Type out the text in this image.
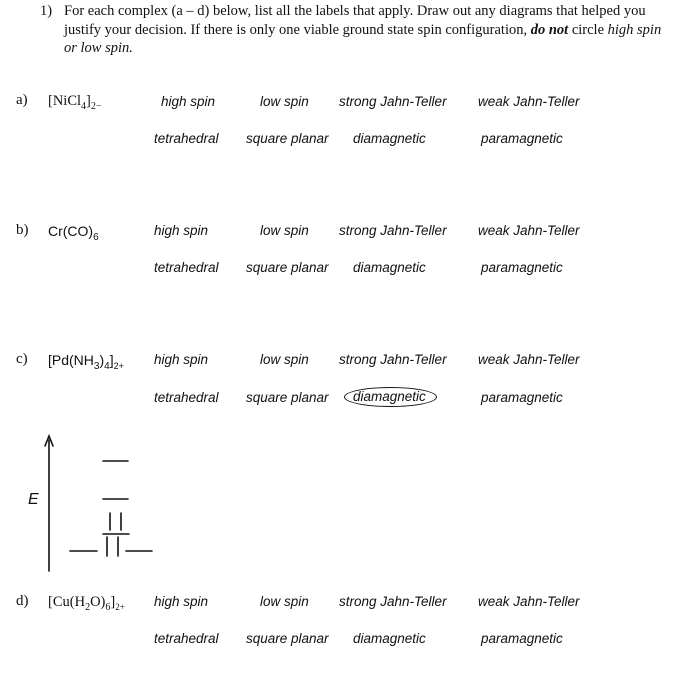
1) For each complex (a – d) below, list all the labels that apply. Draw out any diagrams that helped you justify your decision. If there is only one viable ground state spin configuration, do not circle high spin or low spin.
a) $[NiCl_4]_{2-}$	high spin	low spin strong Jahn-Teller weak Jahn-Teller
tetrahedral square planar diamagnetic	paramagnetic
b) $Cr(CO)_6$	high spin	low spin strong Jahn-Teller weak Jahn-Teller
tetrahedral square planar diamagnetic	paramagnetic
c) $[Pd(NH_3)_4]_{2+}$ high spin	low spin strong Jahn-Teller weak Jahn-Teller
tetrahedral square planar	diamagnetic	paramagnetic
E
d) $[Cu(H_2O)_6]_{2+}$ high spin	low spin strong Jahn-Teller weak Jahn-Teller
tetrahedral square planar diamagnetic	paramagnetic
